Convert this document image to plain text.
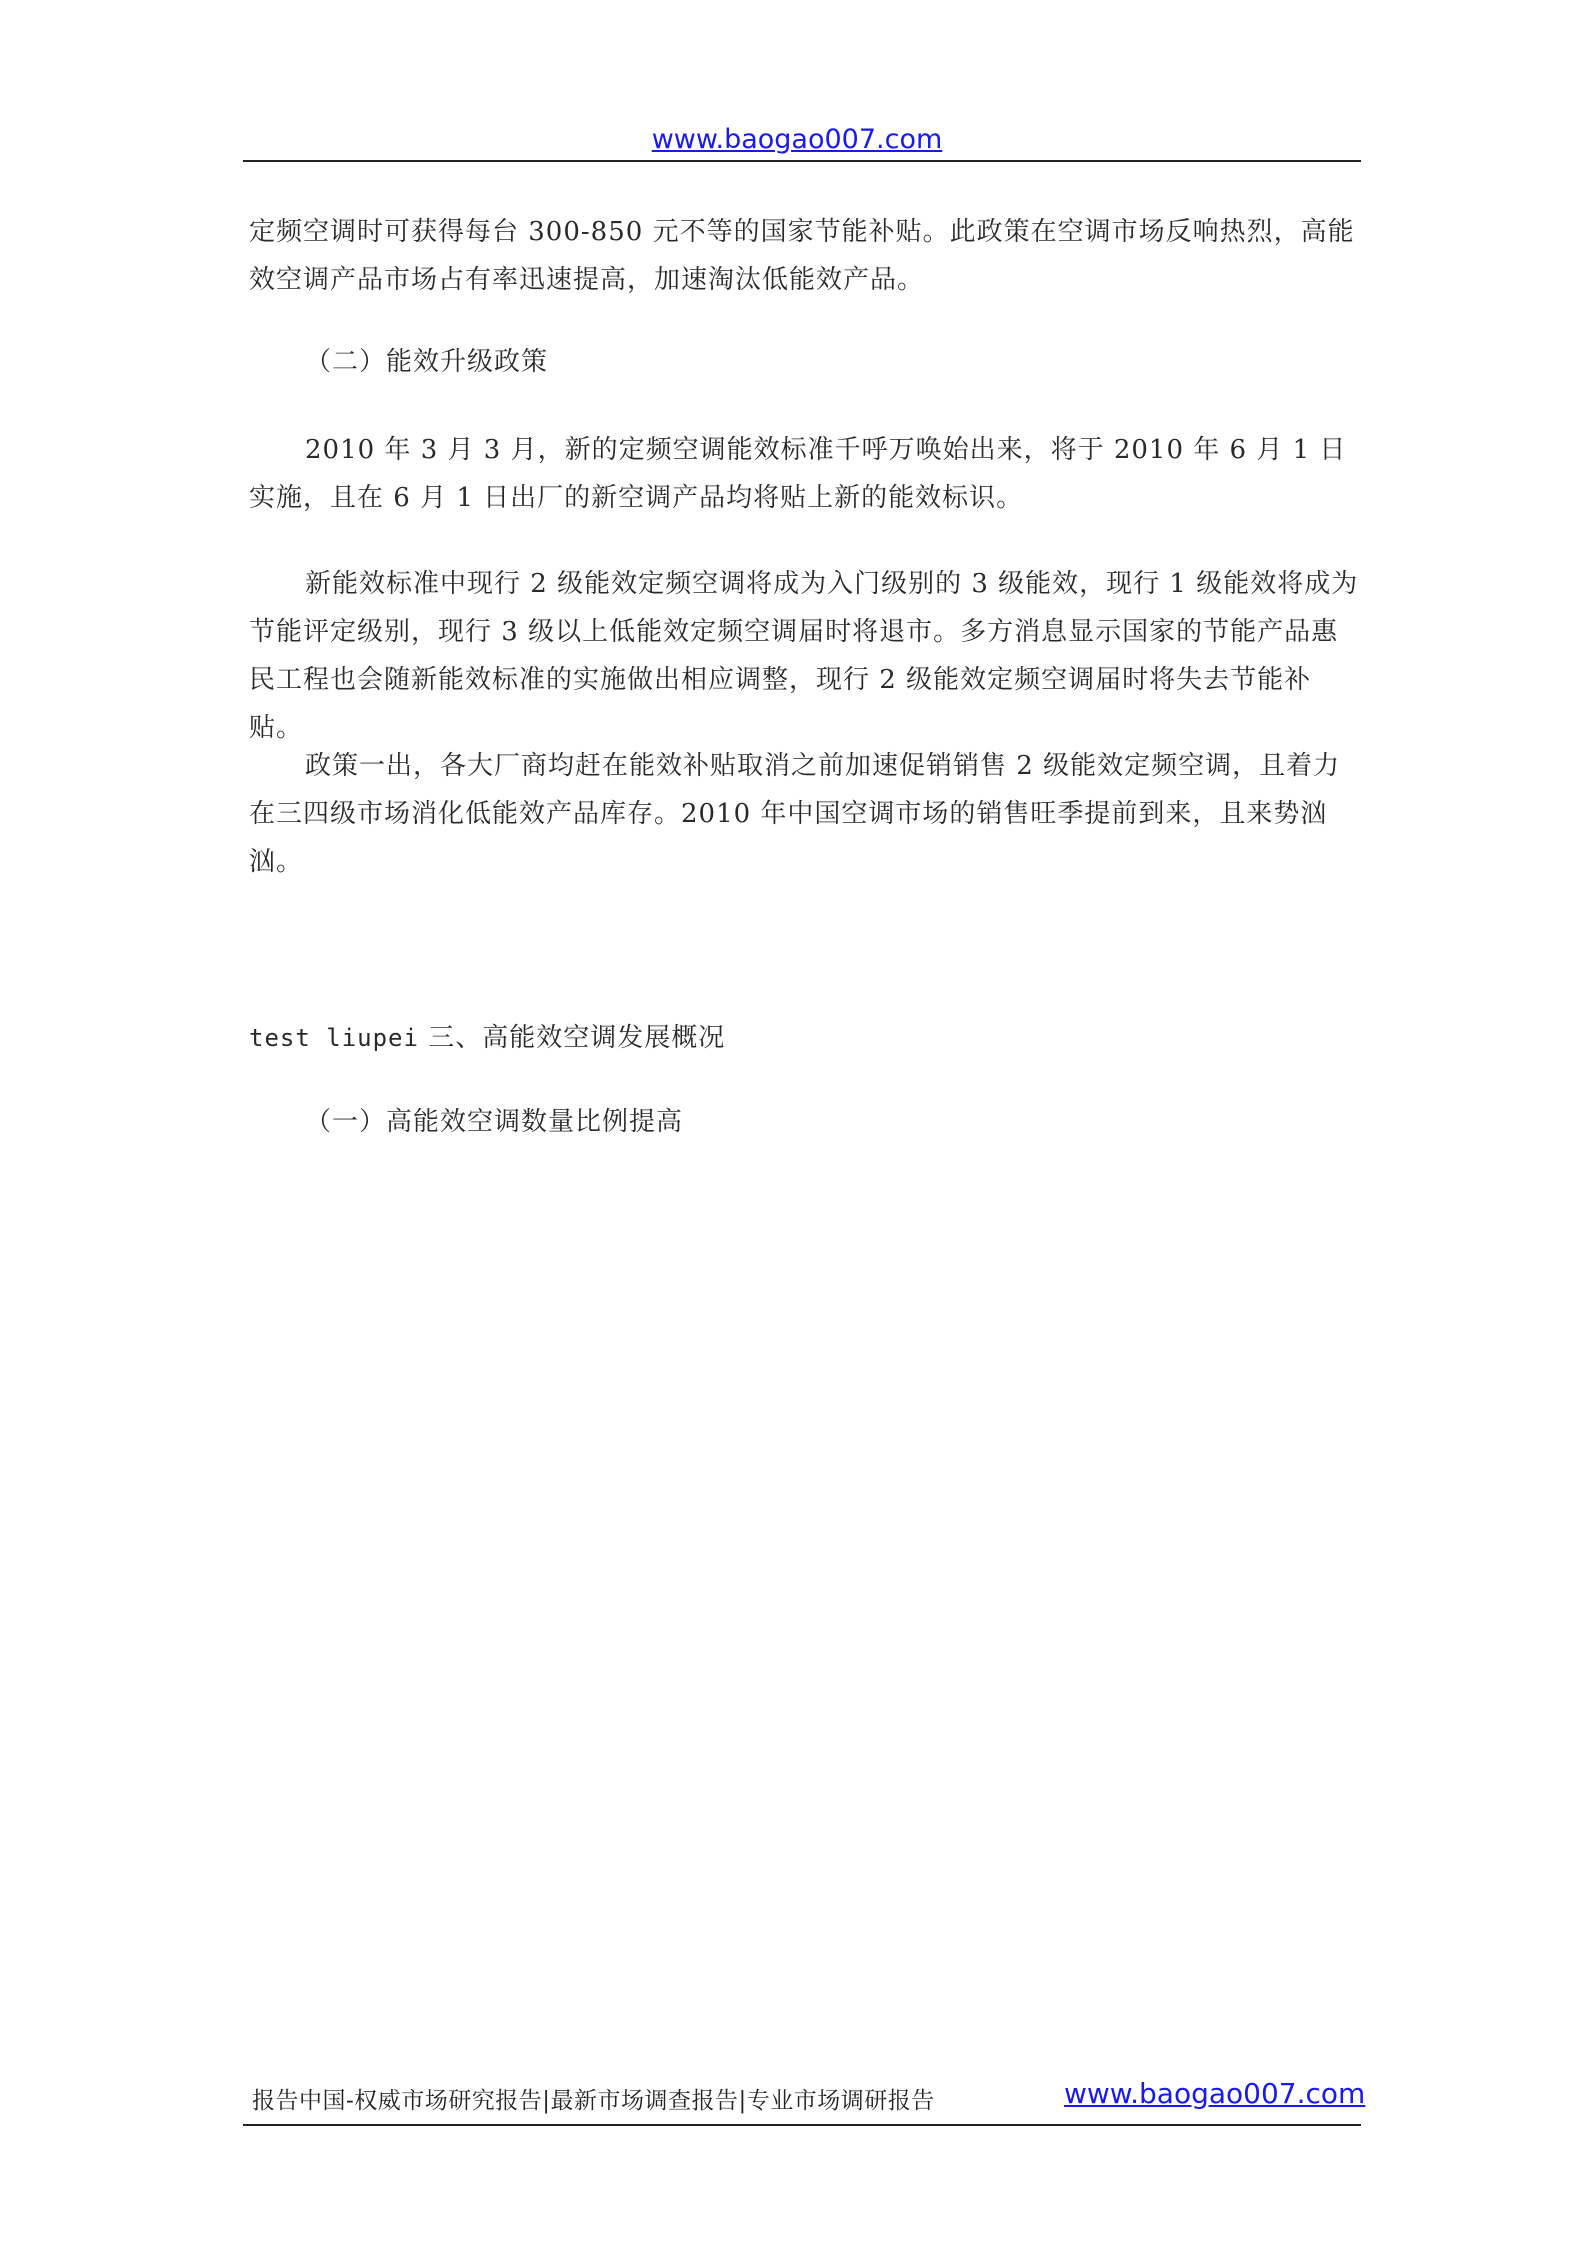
www.baogao007.com

定频空调时可获得每台 300-850 元不等的国家节能补贴。此政策在空调市场反响热烈，高能效空调产品市场占有率迅速提高，加速淘汰低能效产品。

（二）能效升级政策

2010 年 3 月 3 月，新的定频空调能效标准千呼万唤始出来，将于 2010 年 6 月 1 日实施，且在 6 月 1 日出厂的新空调产品均将贴上新的能效标识。

新能效标准中现行 2 级能效定频空调将成为入门级别的 3 级能效，现行 1 级能效将成为节能评定级别，现行 3 级以上低能效定频空调届时将退市。多方消息显示国家的节能产品惠民工程也会随新能效标准的实施做出相应调整，现行 2 级能效定频空调届时将失去节能补贴。

政策一出，各大厂商均赶在能效补贴取消之前加速促销销售 2 级能效定频空调，且着力在三四级市场消化低能效产品库存。2010 年中国空调市场的销售旺季提前到来，且来势汹汹。

test liupei 三、高能效空调发展概况

（一）高能效空调数量比例提高

报告中国-权威市场研究报告|最新市场调查报告|专业市场调研报告	www.baogao007.com
